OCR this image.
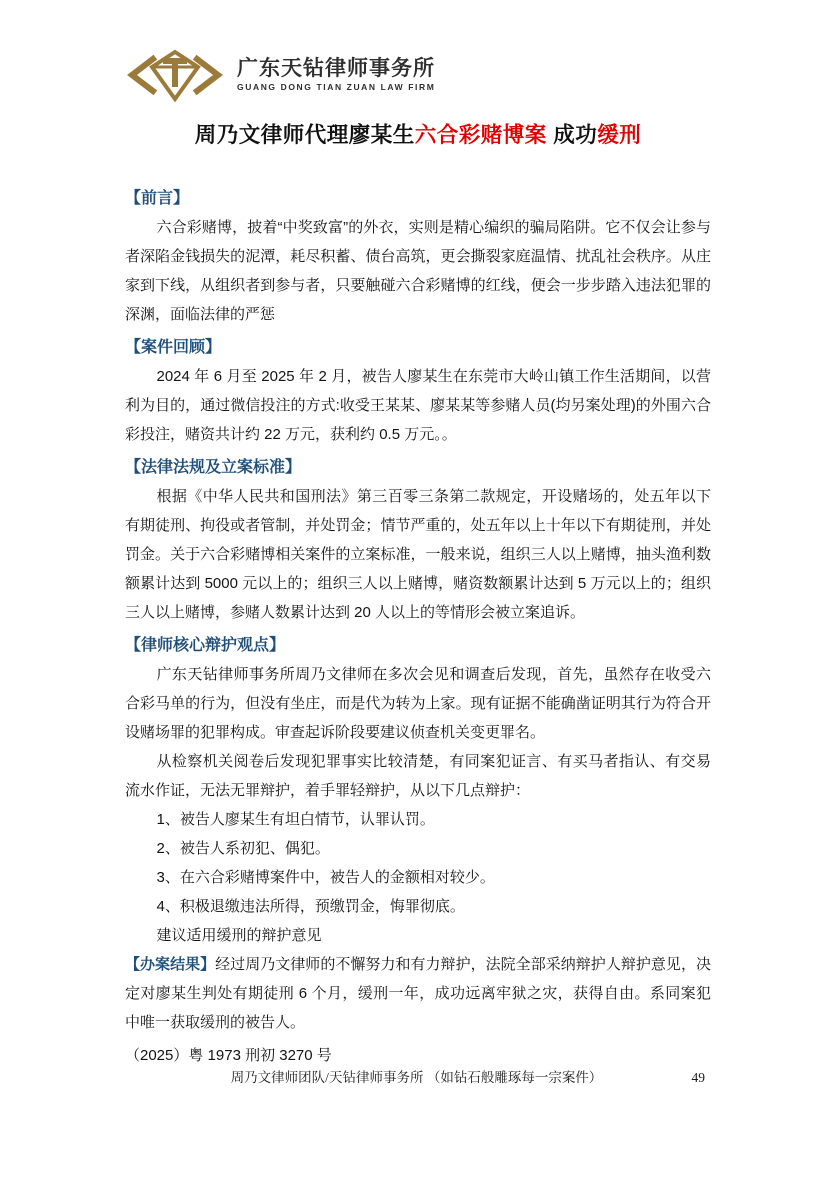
广东天钻律师事务所
GUANG DONG TIAN ZUAN LAW FIRM
周乃文律师代理廖某生六合彩赌博案 成功缓刑
【前言】

六合彩赌博，披着“中奖致富”的外衣，实则是精心编织的骗局陷阱。它不仅会让参与者深陷金钱损失的泥潭，耗尽积蓄、债台高筑，更会撕裂家庭温情、扰乱社会秩序。从庄家到下线，从组织者到参与者，只要触碰六合彩赌博的红线，便会一步步踏入违法犯罪的深渊，面临法律的严惩

【案件回顾】

2024 年 6 月至 2025 年 2 月，被告人廖某生在东莞市大岭山镇工作生活期间，以营利为目的，通过微信投注的方式:收受王某某、廖某某等参赌人员(均另案处理)的外围六合彩投注，赌资共计约 22 万元，获利约 0.5 万元。。

【法律法规及立案标准】

根据《中华人民共和国刑法》第三百零三条第二款规定，开设赌场的，处五年以下有期徒刑、拘役或者管制，并处罚金；情节严重的，处五年以上十年以下有期徒刑，并处罚金。关于六合彩赌博相关案件的立案标准，一般来说，组织三人以上赌博，抽头渔利数额累计达到 5000 元以上的；组织三人以上赌博，赌资数额累计达到 5 万元以上的；组织三人以上赌博，参赌人数累计达到 20 人以上的等情形会被立案追诉。

【律师核心辩护观点】

广东天钻律师事务所周乃文律师在多次会见和调查后发现，首先，虽然存在收受六合彩马单的行为，但没有坐庄，而是代为转为上家。现有证据不能确凿证明其行为符合开设赌场罪的犯罪构成。审查起诉阶段要建议侦查机关变更罪名。

从检察机关阅卷后发现犯罪事实比较清楚，有同案犯证言、有买马者指认、有交易流水作证，无法无罪辩护，着手罪轻辩护，从以下几点辩护：

1、被告人廖某生有坦白情节，认罪认罚。
2、被告人系初犯、偶犯。
3、在六合彩赌博案件中，被告人的金额相对较少。
4、积极退缴违法所得，预缴罚金，悔罪彻底。
建议适用缓刑的辩护意见

【办案结果】经过周乃文律师的不懈努力和有力辩护，法院全部采纳辩护人辩护意见，决定对廖某生判处有期徒刑 6 个月，缓刑一年，成功远离牢狱之灾，获得自由。系同案犯中唯一获取缓刑的被告人。

（2025）粤 1973 刑初 3270 号

周乃文律师团队/天钻律师事务所 （如钻石般雕琢每一宗案件）	49
